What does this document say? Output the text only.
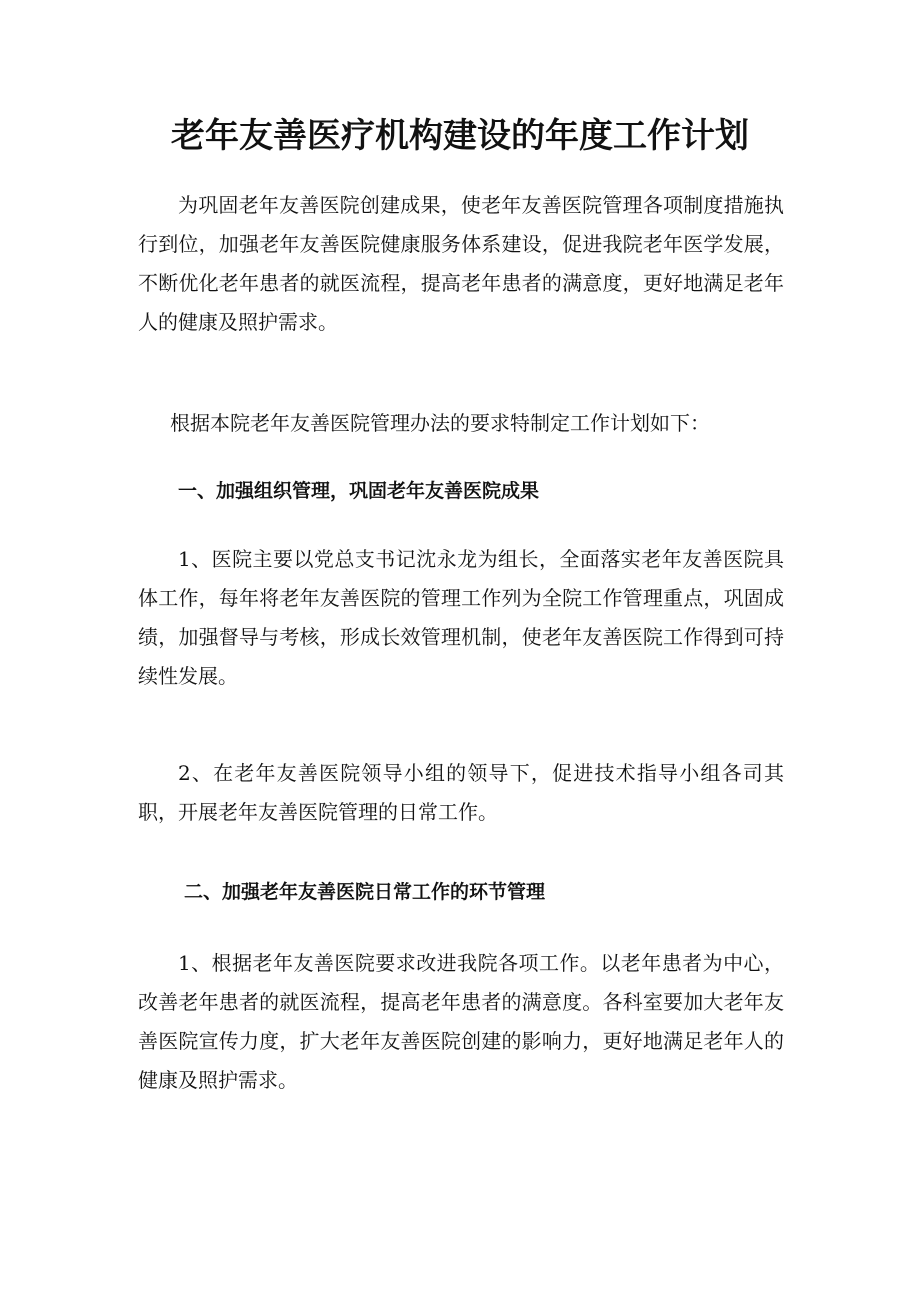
老年友善医疗机构建设的年度工作计划

为巩固老年友善医院创建成果，使老年友善医院管理各项制度措施执行到位，加强老年友善医院健康服务体系建设，促进我院老年医学发展，不断优化老年患者的就医流程，提高老年患者的满意度，更好地满足老年人的健康及照护需求。

根据本院老年友善医院管理办法的要求特制定工作计划如下：

一、加强组织管理，巩固老年友善医院成果

1、医院主要以党总支书记沈永龙为组长，全面落实老年友善医院具体工作，每年将老年友善医院的管理工作列为全院工作管理重点，巩固成绩，加强督导与考核，形成长效管理机制，使老年友善医院工作得到可持续性发展。

2、在老年友善医院领导小组的领导下，促进技术指导小组各司其职，开展老年友善医院管理的日常工作。

二、加强老年友善医院日常工作的环节管理

1、根据老年友善医院要求改进我院各项工作。以老年患者为中心，改善老年患者的就医流程，提高老年患者的满意度。各科室要加大老年友善医院宣传力度，扩大老年友善医院创建的影响力，更好地满足老年人的健康及照护需求。
